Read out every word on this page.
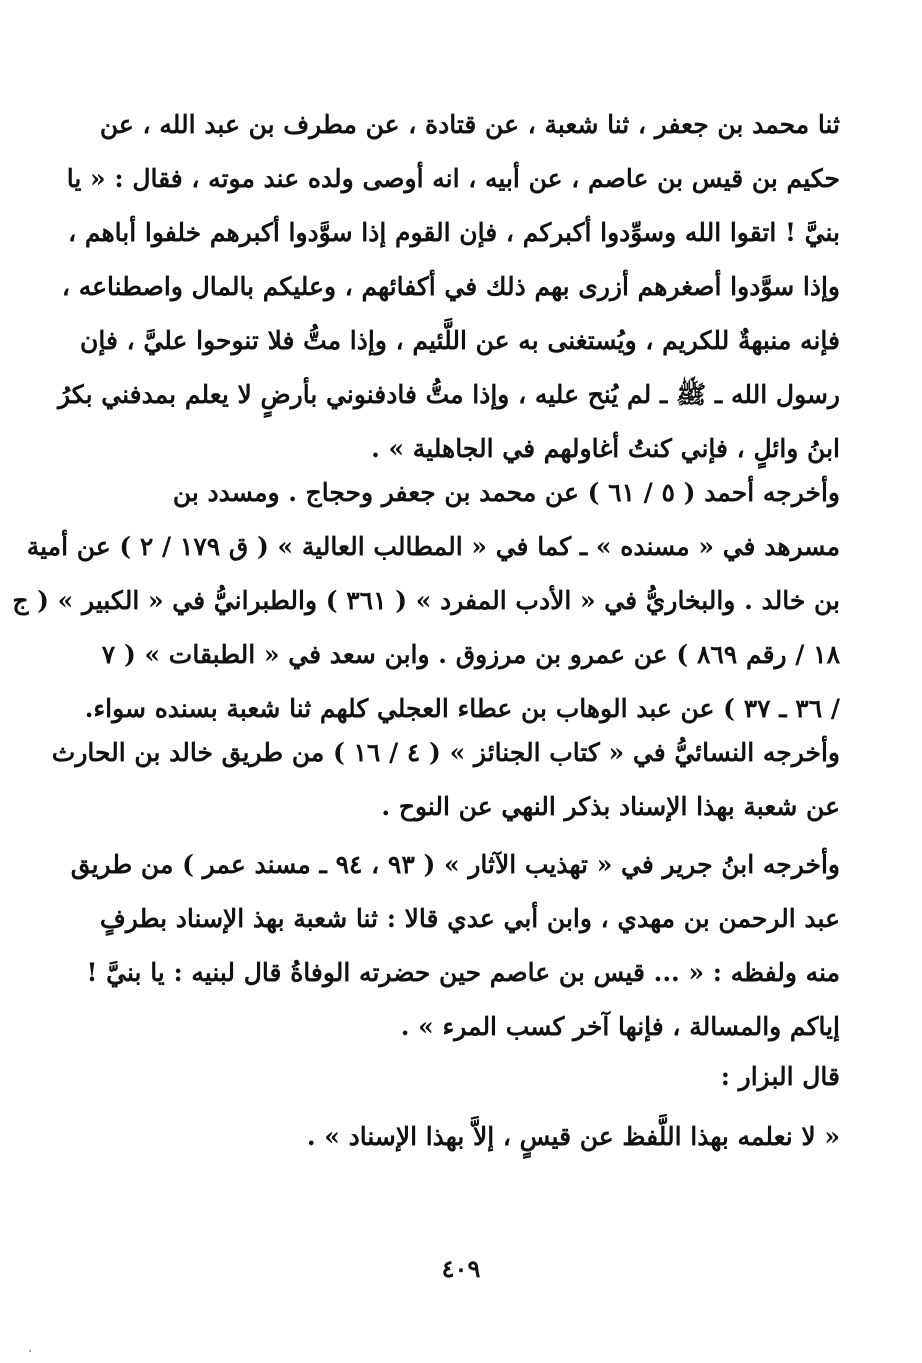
ثنا محمد بن جعفر ، ثنا شعبة ، عن قتادة ، عن مطرف بن عبد الله ، عن
حكيم بن قيس بن عاصم ، عن أبيه ، انه أوصى ولده عند موته ، فقال : « يا
بنيَّ ! اتقوا الله وسوِّدوا أكبركم ، فإن القوم إذا سوَّدوا أكبرهم خلفوا أباهم ،
وإذا سوَّدوا أصغرهم أزرى بهم ذلك في أكفائهم ، وعليكم بالمال واصطناعه ،
فإنه منبهةٌ للكريم ، ويُستغنى به عن اللَّئيم ، وإذا متُّ فلا تنوحوا عليَّ ، فإن
رسول الله ـ ﷺ ـ لم يُنح عليه ، وإذا متُّ فادفنوني بأرضٍ لا يعلم بمدفني بكرُ
ابنُ وائلٍ ، فإني كنتُ أغاولهم في الجاهلية » .

وأخرجه أحمد ( ٥ / ٦١ ) عن محمد بن جعفر وحجاج . ومسدد بن
مسرهد في « مسنده » ـ كما في « المطالب العالية » ( ق ١٧٩ / ٢ ) عن أمية
بن خالد . والبخاريُّ في « الأدب المفرد » ( ٣٦١ ) والطبرانيُّ في « الكبير » ( ج
١٨ / رقم ٨٦٩ ) عن عمرو بن مرزوق . وابن سعد في « الطبقات » ( ٧
/ ٣٦ ـ ٣٧ ) عن عبد الوهاب بن عطاء العجلي كلهم ثنا شعبة بسنده سواء.

وأخرجه النسائيُّ في « كتاب الجنائز » ( ٤ / ١٦ ) من طريق خالد بن الحارث
عن شعبة بهذا الإسناد بذكر النهي عن النوح .

وأخرجه ابنُ جرير في « تهذيب الآثار » ( ٩٣ ، ٩٤ ـ مسند عمر ) من طريق
عبد الرحمن بن مهدي ، وابن أبي عدي قالا : ثنا شعبة بهذ الإسناد بطرفٍ
منه ولفظه : « ... قيس بن عاصم حين حضرته الوفاةُ قال لبنيه : يا بنيَّ !
إياكم والمسالة ، فإنها آخر كسب المرء » .

قال البزار :

« لا نعلمه بهذا اللَّفظ عن قيسٍ ، إلاَّ بهذا الإسناد » .

٤٠٩
.
